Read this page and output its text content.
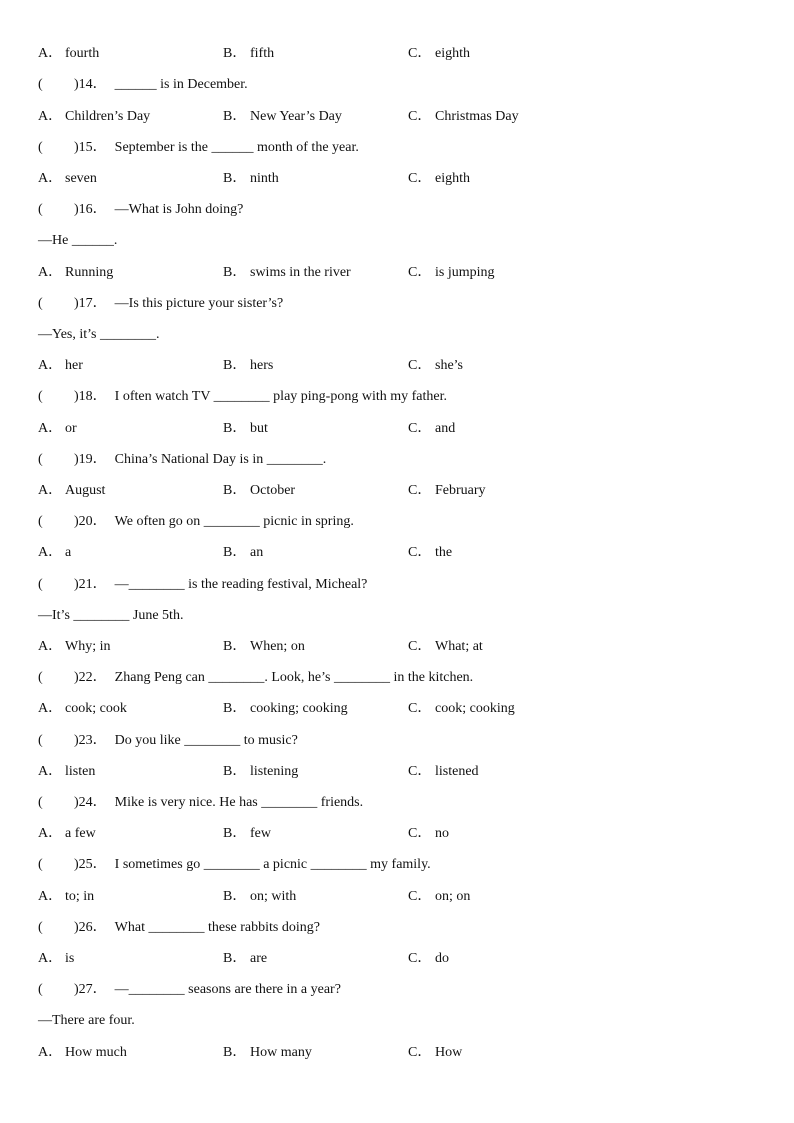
A． fourth	B． fifth	C． eighth
( )14． ______ is in December.
A． Children’s Day	B． New Year’s Day	C． Christmas Day
( )15． September is the ______ month of the year.
A． seven	B． ninth	C． eighth
( )16． —What is John doing?
—He ______.
A． Running	B． swims in the river	C． is jumping
( )17． —Is this picture your sister’s?
—Yes, it’s ________.
A． her	B． hers	C． she’s
( )18． I often watch TV ________ play ping-pong with my father.
A． or	B． but	C． and
( )19． China’s National Day is in ________.
A． August	B． October	C． February
( )20． We often go on ________ picnic in spring.
A． a	B． an	C． the
( )21． —________ is the reading festival, Micheal?
—It’s ________ June 5th.
A． Why; in	B． When; on	C． What; at
( )22． Zhang Peng can ________. Look, he’s ________ in the kitchen.
A． cook; cook	B． cooking; cooking	C． cook; cooking
( )23． Do you like ________ to music?
A． listen	B． listening	C． listened
( )24． Mike is very nice. He has ________ friends.
A． a few	B． few	C． no
( )25． I sometimes go ________ a picnic ________ my family.
A． to; in	B． on; with	C． on; on
( )26． What ________ these rabbits doing?
A． is	B． are	C． do
( )27． —________ seasons are there in a year?
—There are four.
A． How much	B． How many	C． How
